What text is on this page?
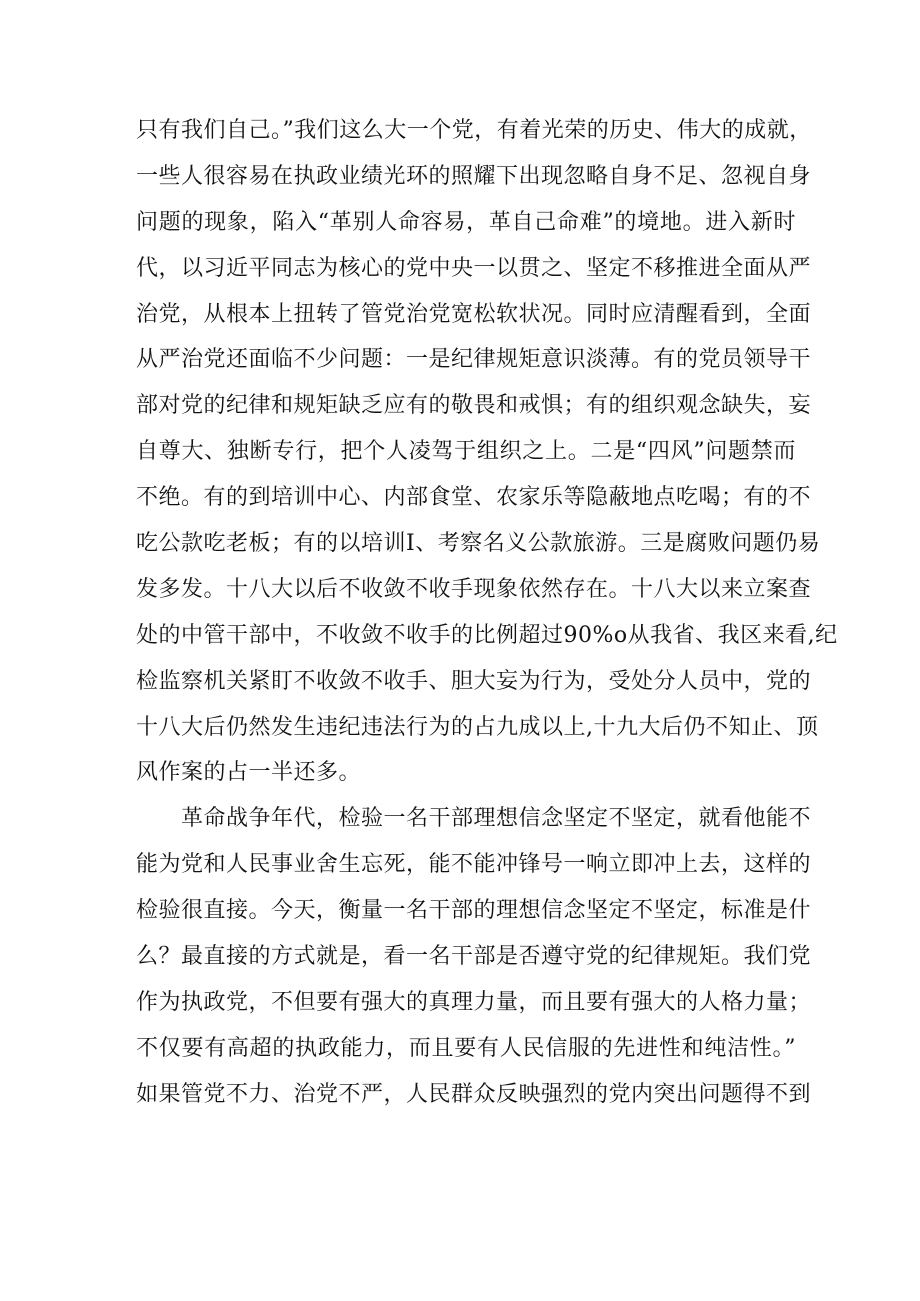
只有我们自己。”我们这么大一个党，有着光荣的历史、伟大的成就，
一些人很容易在执政业绩光环的照耀下出现忽略自身不足、忽视自身
问题的现象，陷入“革别人命容易，革自己命难”的境地。进入新时
代，以习近平同志为核心的党中央一以贯之、坚定不移推进全面从严
治党，从根本上扭转了管党治党宽松软状况。同时应清醒看到，全面
从严治党还面临不少问题：一是纪律规矩意识淡薄。有的党员领导干
部对党的纪律和规矩缺乏应有的敬畏和戒惧；有的组织观念缺失，妄
自尊大、独断专行，把个人凌驾于组织之上。二是“四风”问题禁而
不绝。有的到培训中心、内部食堂、农家乐等隐蔽地点吃喝；有的不
吃公款吃老板；有的以培训I、考察名义公款旅游。三是腐败问题仍易
发多发。十八大以后不收敛不收手现象依然存在。十八大以来立案查
处的中管干部中，不收敛不收手的比例超过90%o从我省、我区来看,纪
检监察机关紧盯不收敛不收手、胆大妄为行为，受处分人员中，党的
十八大后仍然发生违纪违法行为的占九成以上,十九大后仍不知止、顶
风作案的占一半还多。
革命战争年代，检验一名干部理想信念坚定不坚定，就看他能不
能为党和人民事业舍生忘死，能不能冲锋号一响立即冲上去，这样的
检验很直接。今天，衡量一名干部的理想信念坚定不坚定，标准是什
么？最直接的方式就是，看一名干部是否遵守党的纪律规矩。我们党
作为执政党，不但要有强大的真理力量，而且要有强大的人格力量；
不仅要有高超的执政能力，而且要有人民信服的先进性和纯洁性。”
如果管党不力、治党不严，人民群众反映强烈的党内突出问题得不到
